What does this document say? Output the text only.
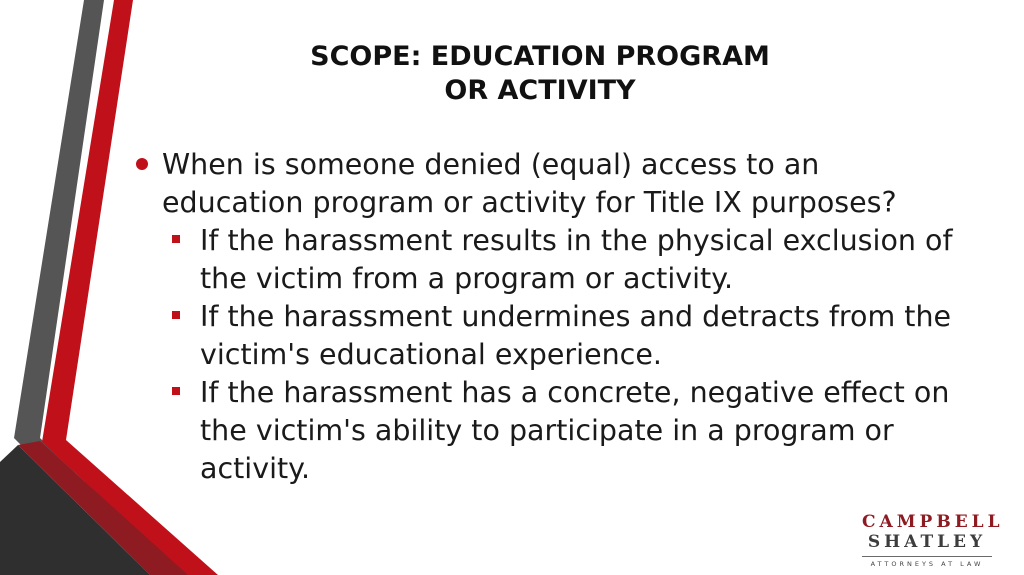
SCOPE: EDUCATION PROGRAM
OR ACTIVITY
When is someone denied (equal) access to an education program or activity for Title IX purposes?
If the harassment results in the physical exclusion of the victim from a program or activity.
If the harassment undermines and detracts from the victim's educational experience.
If the harassment has a concrete, negative effect on the victim's ability to participate in a program or activity.
CAMPBELL
SHATLEY
ATTORNEYS AT LAW
